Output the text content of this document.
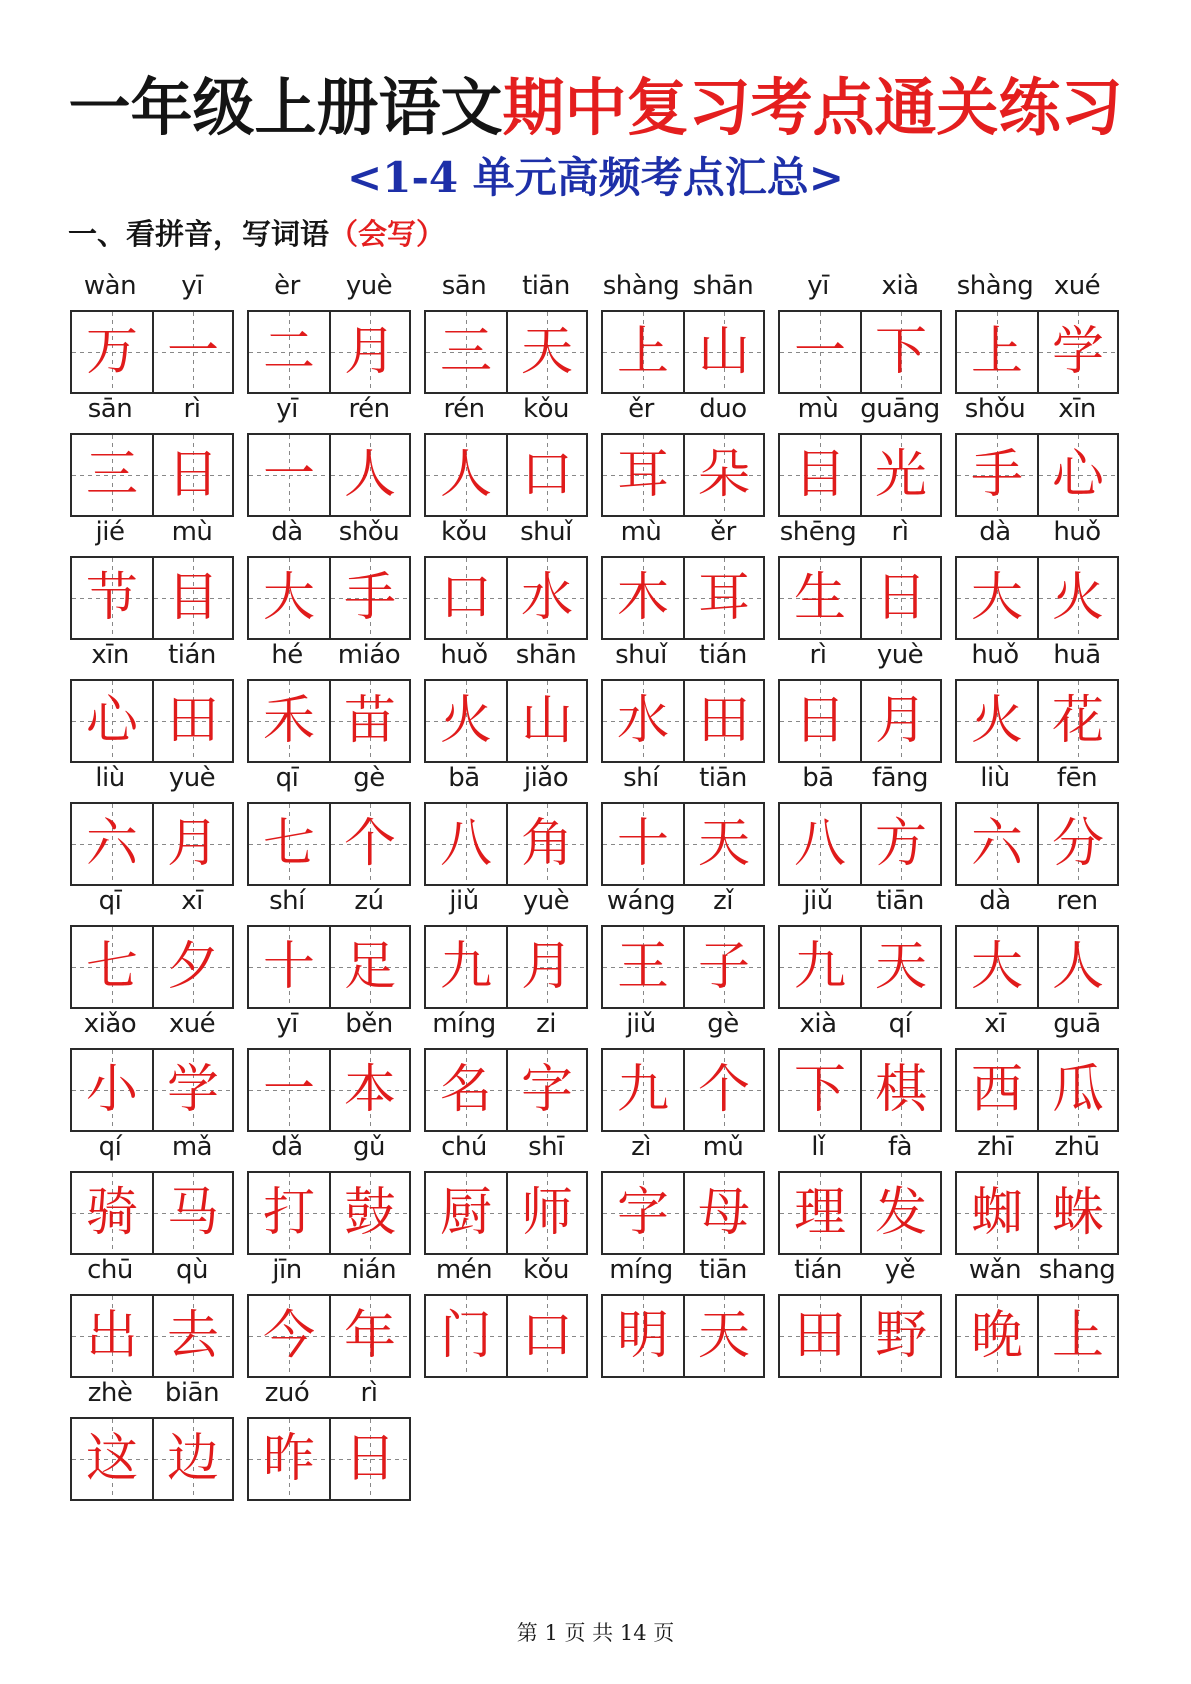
一年级上册语文期中复习考点通关练习
<1-4 单元高频考点汇总>
一、看拼音，写词语（会写）
wàn	yī
万 一
èr	yuè
二 月
sān	tiān
三 天
shàng shān
上 山
yī	xià
一 下
shàng xué
上 学
sān	rì
三 日
yī	rén
一 人
rén	kǒu
人 口
ěr	duo
耳 朵
mù guāng
目 光
shǒu	xīn
手 心
jié	mù
节 目
dà	shǒu
大 手
kǒu	shuǐ
口 水
mù	ěr
木 耳
shēng	rì
生 日
dà	huǒ
大 火
xīn	tián
心 田
hé	miáo
禾 苗
huǒ	shān
火 山
shuǐ	tián
水 田
rì	yuè
日 月
huǒ	huā
火 花
liù	yuè
六 月
qī	gè
七 个
bā	jiǎo
八 角
shí	tiān
十 天
bā	fāng
八 方
liù	fēn
六 分
qī	xī
七 夕
shí	zú
十 足
jiǔ	yuè
九 月
wáng	zǐ
王 子
jiǔ	tiān
九 天
dà	ren
大 人
xiǎo	xué
小 学
yī	běn
一 本
míng	zi
名 字
jiǔ	gè
九 个
xià	qí
下 棋
xī	guā
西 瓜
qí	mǎ
骑 马
dǎ	gǔ
打 鼓
chú	shī
厨 师
zì	mǔ
字 母
lǐ	fà
理 发
zhī	zhū
蜘 蛛
chū	qù
出 去
jīn	nián
今 年
mén	kǒu
门 口
míng	tiān
明 天
tián	yě
田 野
wǎn shang
晚 上
zhè	biān
这 边
zuó	rì
昨 日
第 1 页 共 14 页
